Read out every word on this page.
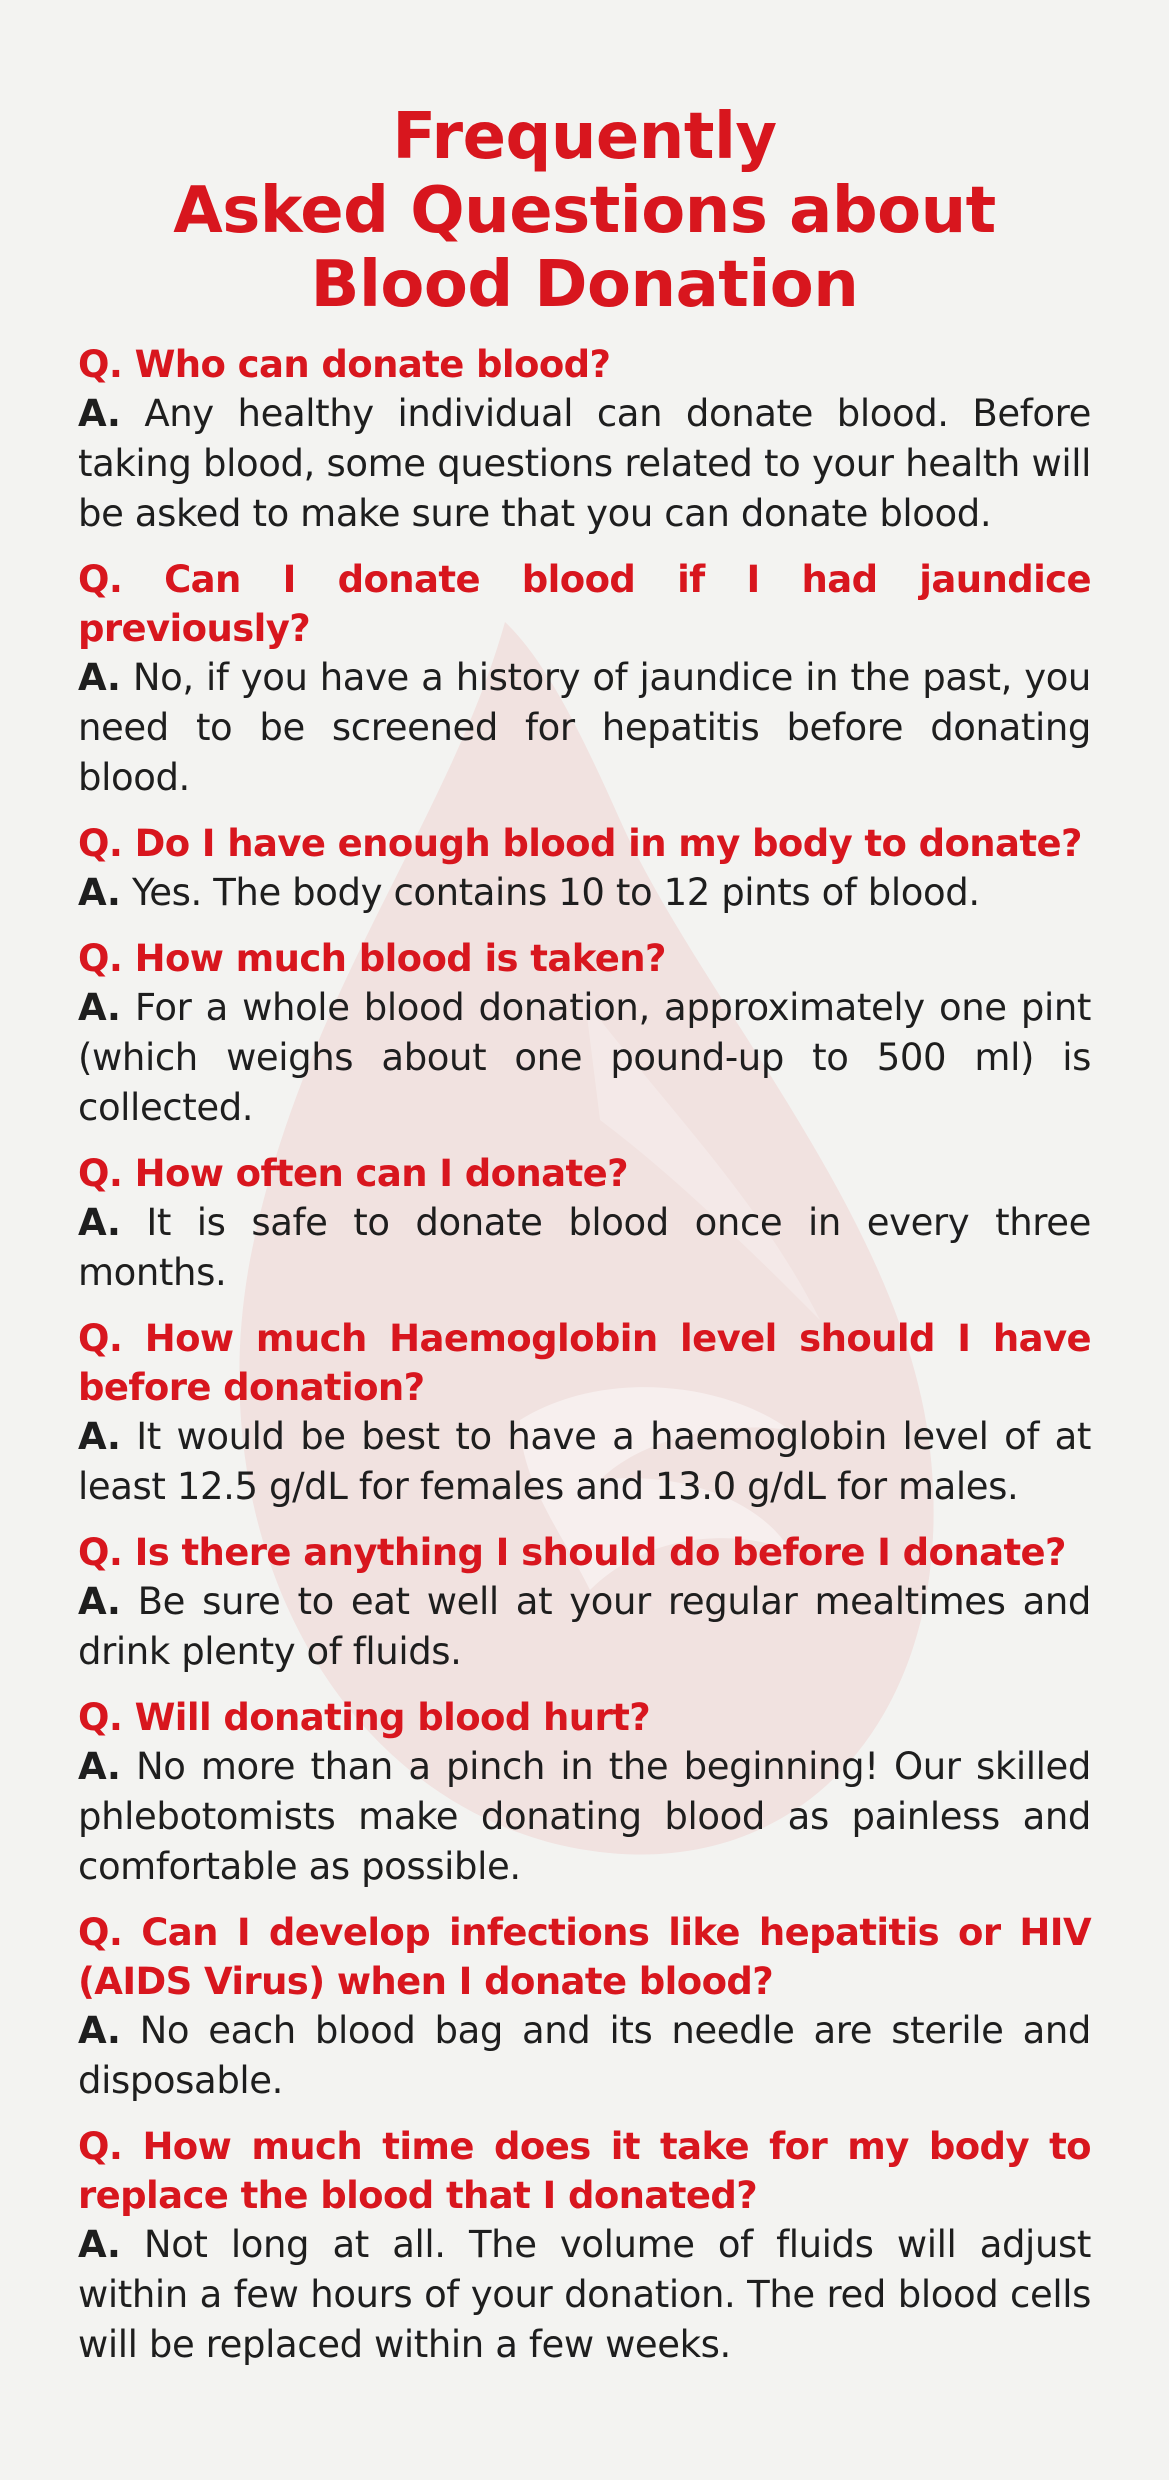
Frequently
Asked Questions about
Blood Donation

Q. Who can donate blood?

A. Any healthy individual can donate blood. Before taking blood, some questions related to your health will be asked to make sure that you can donate blood.

Q. Can I donate blood if I had jaundice previously?

A. No, if you have a history of jaundice in the past, you need to be screened for hepatitis before donating blood.

Q. Do I have enough blood in my body to donate?

A. Yes. The body contains 10 to 12 pints of blood.

Q. How much blood is taken?

A. For a whole blood donation, approximately one pint (which weighs about one pound-up to 500 ml) is collected.

Q. How often can I donate?

A. It is safe to donate blood once in every three months.

Q. How much Haemoglobin level should I have before donation?

A. It would be best to have a haemoglobin level of at least 12.5 g/dL for females and 13.0 g/dL for males.

Q. Is there anything I should do before I donate?

A. Be sure to eat well at your regular mealtimes and drink plenty of fluids.

Q. Will donating blood hurt?

A. No more than a pinch in the beginning! Our skilled phlebotomists make donating blood as painless and comfortable as possible.

Q. Can I develop infections like hepatitis or HIV (AIDS Virus) when I donate blood?

A. No each blood bag and its needle are sterile and disposable.

Q. How much time does it take for my body to replace the blood that I donated?

A. Not long at all. The volume of fluids will adjust within a few hours of your donation. The red blood cells will be replaced within a few weeks.
